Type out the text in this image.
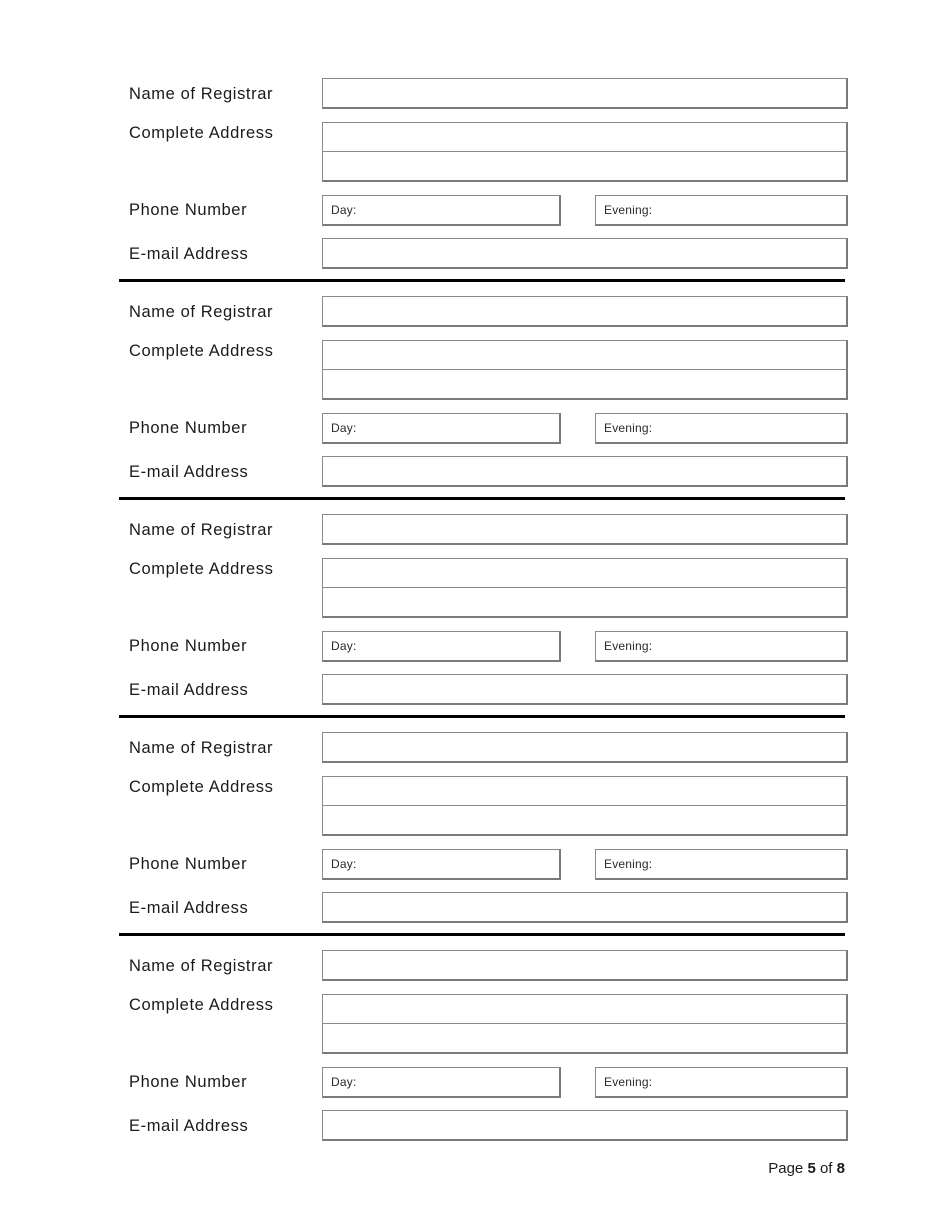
Name of Registrar
Complete Address
Phone Number	Day:	Evening:
E-mail Address
Name of Registrar
Complete Address
Phone Number	Day:	Evening:
E-mail Address
Name of Registrar
Complete Address
Phone Number	Day:	Evening:
E-mail Address
Name of Registrar
Complete Address
Phone Number	Day:	Evening:
E-mail Address
Name of Registrar
Complete Address
Phone Number	Day:	Evening:
E-mail Address
Page 5 of 8
